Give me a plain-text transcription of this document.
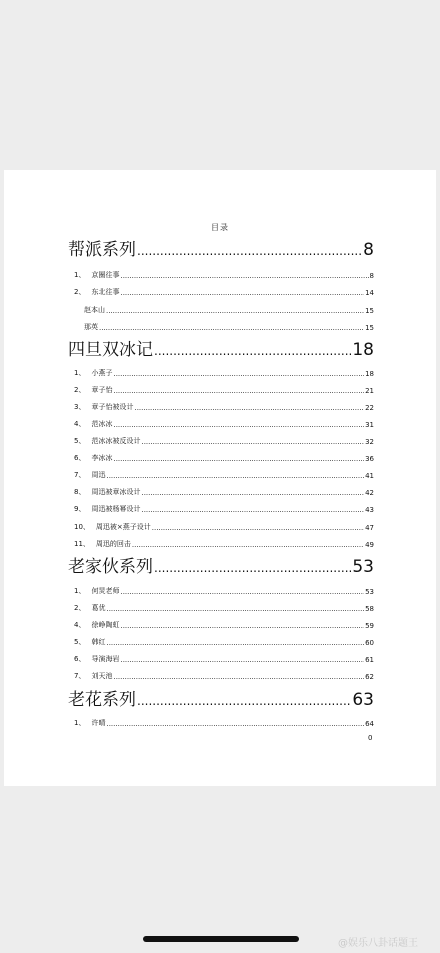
目录
帮派系列 .....	8
1、 京圈往事 .....	8
2、 东北往事 .....	14
赵本山 .....	15
那英 .....	15
四旦双冰记 .....	18
1、 小燕子 .....	18
2、 章子怡 .....	21
3、 章子怡被设计 .....	22
4、 范冰冰 .....	31
5、 范冰冰被反设计 .....	32
6、 李冰冰 .....	36
7、 周迅 .....	41
8、 周迅被章冰设计 .....	42
9、 周迅被杨幂设计 .....	43
10、 周迅被×燕子设计 .....	47
11、 周迅的回击 .....	49
老家伙系列 .....	53
1、 何炅老师 .....	53
2、 葛优 .....	58
4、 徐峥陶虹 .....	59
5、 韩红 .....	60
6、 导演海岩 .....	61
7、 刘天池 .....	62
老花系列 .....	63
1、 许晴 .....	64
0
@娱乐八卦话题王
